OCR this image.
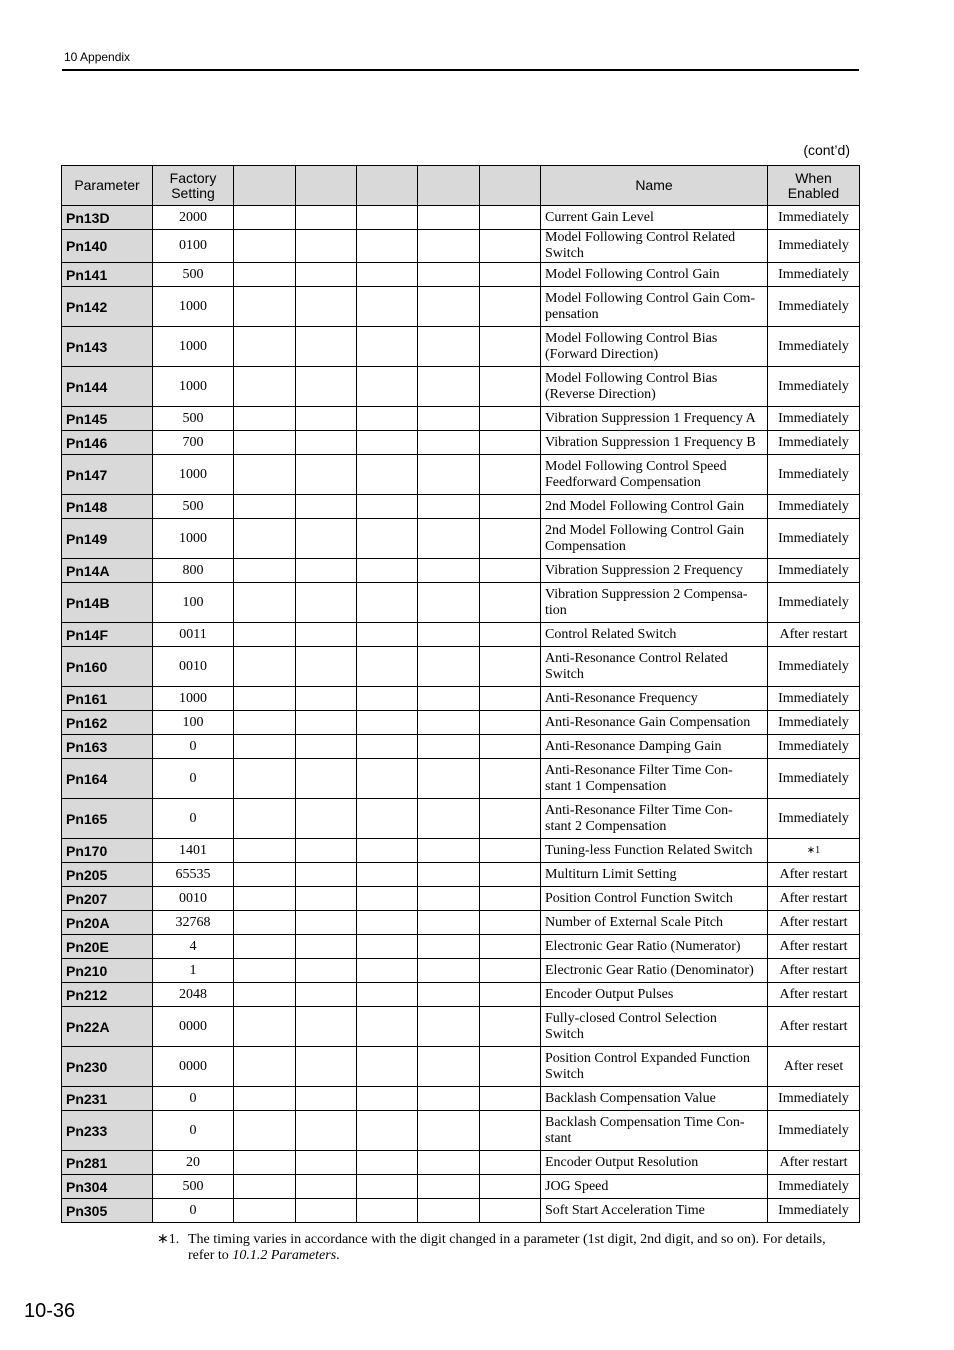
10 Appendix
(cont’d)
Parameter	Factory
Setting						Name	When
Enabled
Pn13D	2000						Current Gain Level	Immediately
Pn140	0100						Model Following Control Related Switch	Immediately
Pn141	500						Model Following Control Gain	Immediately
Pn142	1000						Model Following Control Gain Com-
pensation	Immediately
Pn143	1000						Model Following Control Bias
(Forward Direction)	Immediately
Pn144	1000						Model Following Control Bias
(Reverse Direction)	Immediately
Pn145	500						Vibration Suppression 1 Frequency A	Immediately
Pn146	700						Vibration Suppression 1 Frequency B	Immediately
Pn147	1000						Model Following Control Speed
Feedforward Compensation	Immediately
Pn148	500						2nd Model Following Control Gain	Immediately
Pn149	1000						2nd Model Following Control Gain
Compensation	Immediately
Pn14A	800						Vibration Suppression 2 Frequency	Immediately
Pn14B	100						Vibration Suppression 2 Compensa-
tion	Immediately
Pn14F	0011						Control Related Switch	After restart
Pn160	0010						Anti-Resonance Control Related
Switch	Immediately
Pn161	1000						Anti-Resonance Frequency	Immediately
Pn162	100						Anti-Resonance Gain Compensation	Immediately
Pn163	0						Anti-Resonance Damping Gain	Immediately
Pn164	0						Anti-Resonance Filter Time Con-
stant 1 Compensation	Immediately
Pn165	0						Anti-Resonance Filter Time Con-
stant 2 Compensation	Immediately
Pn170	1401						Tuning-less Function Related Switch	∗1
Pn205	65535						Multiturn Limit Setting	After restart
Pn207	0010						Position Control Function Switch	After restart
Pn20A	32768						Number of External Scale Pitch	After restart
Pn20E	4						Electronic Gear Ratio (Numerator)	After restart
Pn210	1						Electronic Gear Ratio (Denominator)	After restart
Pn212	2048						Encoder Output Pulses	After restart
Pn22A	0000						Fully-closed Control Selection
Switch	After restart
Pn230	0000						Position Control Expanded Function
Switch	After reset
Pn231	0						Backlash Compensation Value	Immediately
Pn233	0						Backlash Compensation Time Con-
stant	Immediately
Pn281	20						Encoder Output Resolution	After restart
Pn304	500						JOG Speed	Immediately
Pn305	0						Soft Start Acceleration Time	Immediately
∗1. The timing varies in accordance with the digit changed in a parameter (1st digit, 2nd digit, and so on). For details, refer to 10.1.2 Parameters.
10-36
